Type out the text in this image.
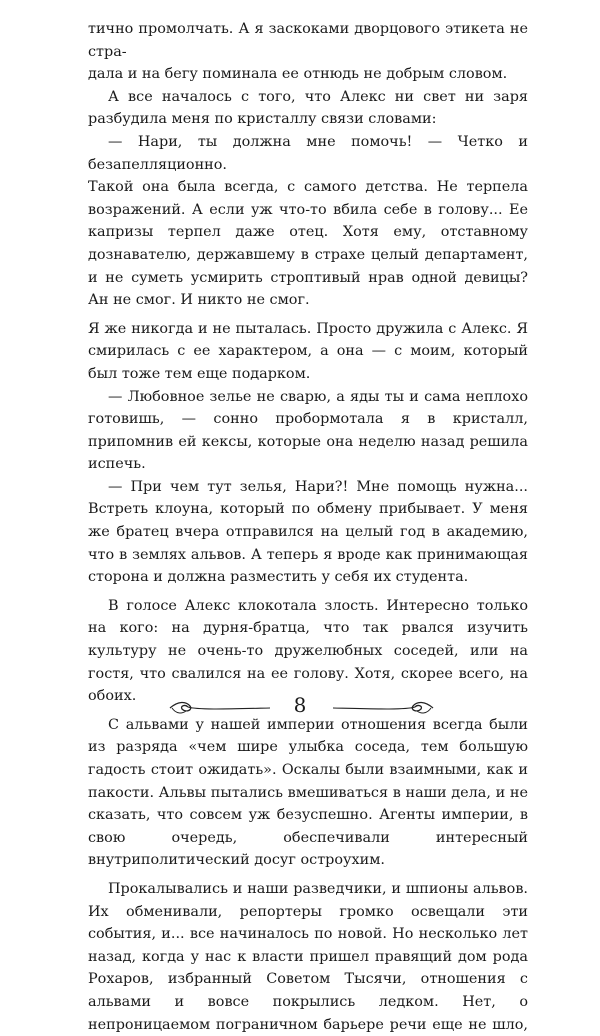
тично промолчать. А я заскоками дворцового этикета не стра-

дала и на бегу поминала ее отнюдь не добрым словом.

А все началось с того, что Алекс ни свет ни заря разбудила меня по кристаллу связи словами:

— Нари, ты должна мне помочь! — Четко и безапелляционно.

Такой она была всегда, с самого детства. Не терпела возражений. А если уж что-то вбила себе в голову... Ее капризы терпел даже отец. Хотя ему, отставному дознавателю, державшему в страхе целый департамент, и не суметь усмирить строптивый нрав одной девицы? Ан не смог. И никто не смог.

Я же никогда и не пыталась. Просто дружила с Алекс. Я смирилась с ее характером, а она — с моим, который был тоже тем еще подарком.

— Любовное зелье не сварю, а яды ты и сама неплохо готовишь, — сонно пробормотала я в кристалл, припомнив ей кексы, которые она неделю назад решила испечь.

— При чем тут зелья, Нари?! Мне помощь нужна... Встреть клоуна, который по обмену прибывает. У меня же братец вчера отправился на целый год в академию, что в землях альвов. А теперь я вроде как принимающая сторона и должна разместить у себя их студента.

В голосе Алекс клокотала злость. Интересно только на кого: на дурня-братца, что так рвался изучить культуру не очень-то дружелюбных соседей, или на гостя, что свалился на ее голову. Хотя, скорее всего, на обоих.

С альвами у нашей империи отношения всегда были из разряда «чем шире улыбка соседа, тем большую гадость стоит ожидать». Оскалы были взаимными, как и пакости. Альвы пытались вмешиваться в наши дела, и не сказать, что совсем уж безуспешно. Агенты империи, в свою очередь, обеспечивали интересный внутриполитический досуг остроухим.

Прокалывались и наши разведчики, и шпионы альвов. Их обменивали, репортеры громко освещали эти события, и... все начиналось по новой. Но несколько лет назад, когда у нас к власти пришел правящий дом рода Рохаров, избранный Советом Тысячи, отношения с альвами и вовсе покрылись ледком. Нет, о непроницаемом пограничном барьере речи еще не шло,

8
